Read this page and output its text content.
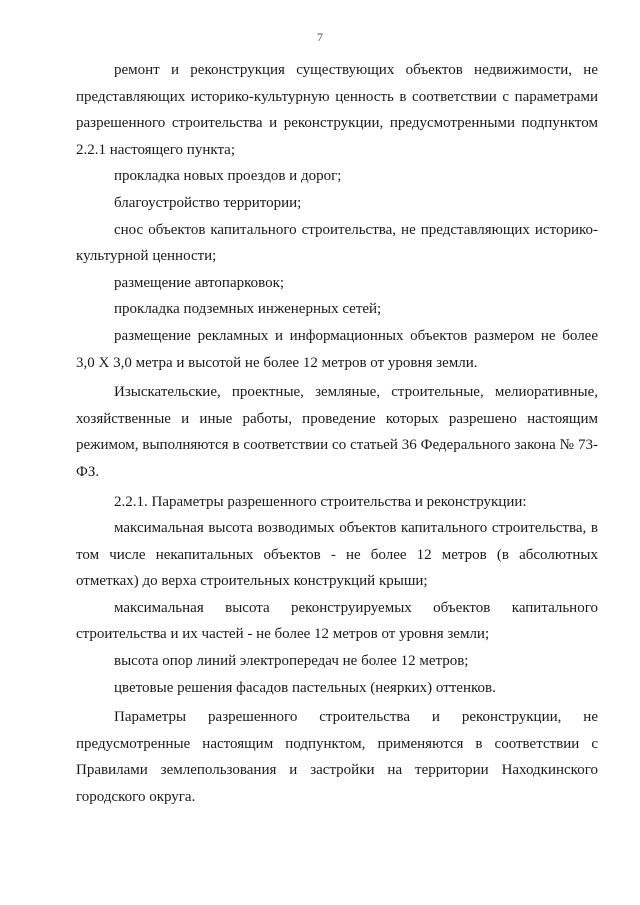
7

ремонт и реконструкция существующих объектов недвижимости, не представляющих историко-культурную ценность в соответствии с параметрами разрешенного строительства и реконструкции, предусмотренными подпунктом 2.2.1 настоящего пункта;

прокладка новых проездов и дорог;

благоустройство территории;

снос объектов капитального строительства, не представляющих историко-культурной ценности;

размещение автопарковок;

прокладка подземных инженерных сетей;

размещение рекламных и информационных объектов размером не более 3,0 Х 3,0 метра и высотой не более 12 метров от уровня земли.

Изыскательские, проектные, земляные, строительные, мелиоративные, хозяйственные и иные работы, проведение которых разрешено настоящим режимом, выполняются в соответствии со статьей 36 Федерального закона № 73-ФЗ.

2.2.1. Параметры разрешенного строительства и реконструкции:

максимальная высота возводимых объектов капитального строительства, в том числе некапитальных объектов - не более 12 метров (в абсолютных отметках) до верха строительных конструкций крыши;

максимальная высота реконструируемых объектов капитального строительства и их частей - не более 12 метров от уровня земли;

высота опор линий электропередач не более 12 метров;

цветовые решения фасадов пастельных (неярких) оттенков.

Параметры разрешенного строительства и реконструкции, не предусмотренные настоящим подпунктом, применяются в соответствии с Правилами землепользования и застройки на территории Находкинского городского округа.
